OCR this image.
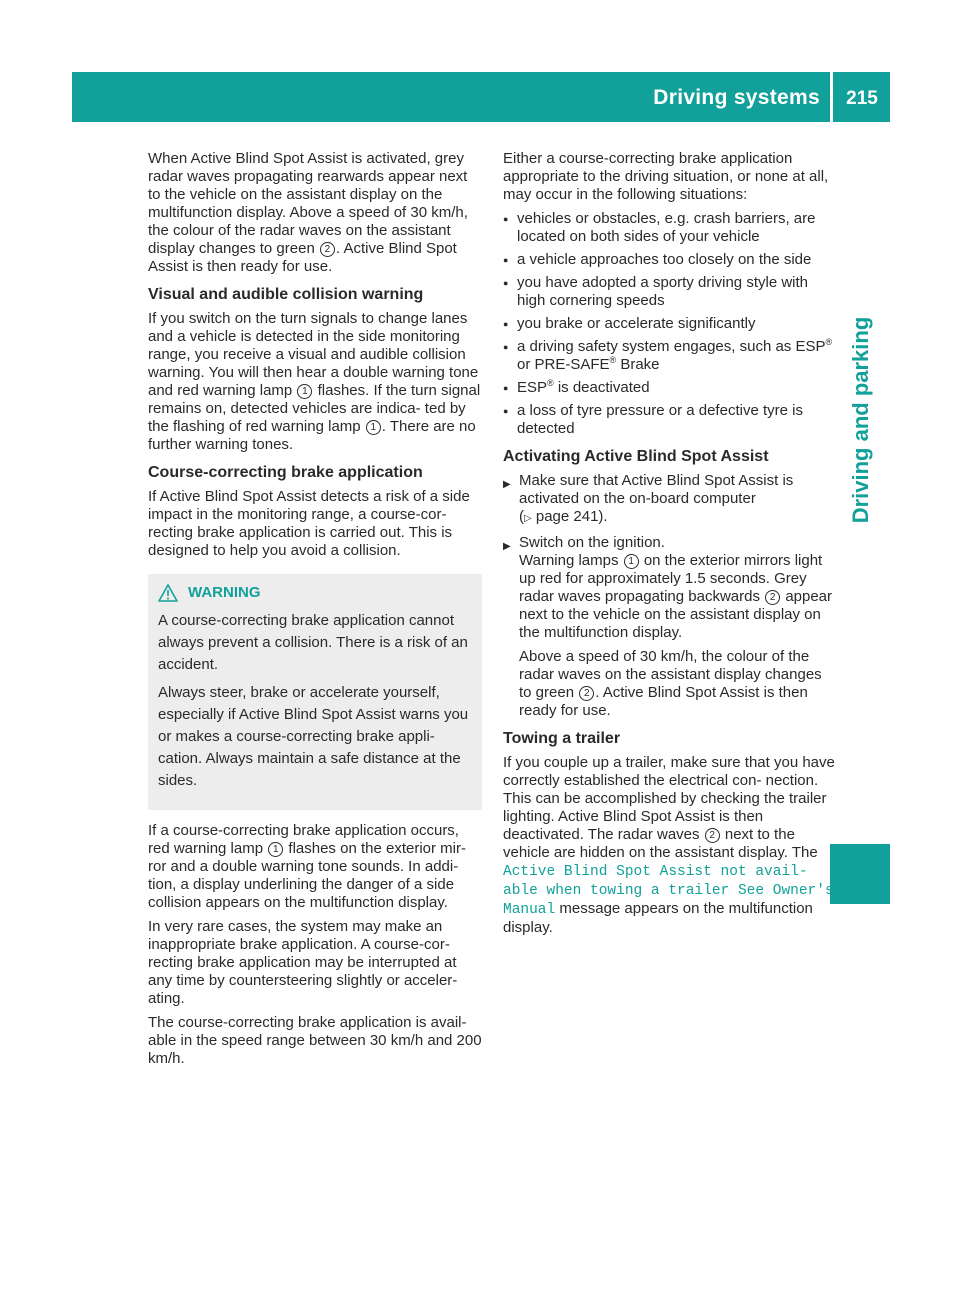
Driving systems	215
Driving and parking

When Active Blind Spot Assist is activated, grey radar waves propagating rearwards appear next to the vehicle on the assistant display on the multifunction display. Above a speed of 30 km/h, the colour of the radar waves on the assistant display changes to green 2 . Active Blind Spot Assist is then ready for use.

Visual and audible collision warning

If you switch on the turn signals to change lanes and a vehicle is detected in the side monitoring range, you receive a visual and audible collision warning. You will then hear a double warning tone and red warning lamp 1 flashes. If the turn signal remains on, detected vehicles are indica- ted by the flashing of red warning lamp 1 . There are no further warning tones.

Course-correcting brake application

If Active Blind Spot Assist detects a risk of a side impact in the monitoring range, a course-cor- recting brake application is carried out. This is designed to help you avoid a collision.

WARNING

A course-correcting brake application cannot always prevent a collision. There is a risk of an accident.

Always steer, brake or accelerate yourself, especially if Active Blind Spot Assist warns you or makes a course-correcting brake appli- cation. Always maintain a safe distance at the sides.

If a course-correcting brake application occurs, red warning lamp 1 flashes on the exterior mir- ror and a double warning tone sounds. In addi- tion, a display underlining the danger of a side collision appears on the multifunction display.

In very rare cases, the system may make an inappropriate brake application. A course-cor- recting brake application may be interrupted at any time by countersteering slightly or acceler- ating.

The course-correcting brake application is avail- able in the speed range between 30 km/h and 200 km/h.

Either a course-correcting brake application appropriate to the driving situation, or none at all, may occur in the following situations:

● vehicles or obstacles, e.g. crash barriers, are located on both sides of your vehicle
● a vehicle approaches too closely on the side
● you have adopted a sporty driving style with high cornering speeds
● you brake or accelerate significantly
● a driving safety system engages, such as ESP® or PRE-SAFE® Brake
● ESP® is deactivated
● a loss of tyre pressure or a defective tyre is detected
Activating Active Blind Spot Assist
▶ Make sure that Active Blind Spot Assist is activated on the on-board computer
(▷ page 241).
▶ Switch on the ignition.
Warning lamps 1 on the exterior mirrors light up red for approximately 1.5 seconds. Grey radar waves propagating backwards 2 appear next to the vehicle on the assistant display on the multifunction display.

Above a speed of 30 km/h, the colour of the radar waves on the assistant display changes to green 2 . Active Blind Spot Assist is then ready for use.

Towing a trailer

If you couple up a trailer, make sure that you have correctly established the electrical con- nection. This can be accomplished by checking the trailer lighting. Active Blind Spot Assist is then deactivated. The radar waves 2 next to the vehicle are hidden on the assistant display. The Active Blind Spot Assist not avail‑ able when towing a trailer See Owner's Manual message appears on the multifunction display.
